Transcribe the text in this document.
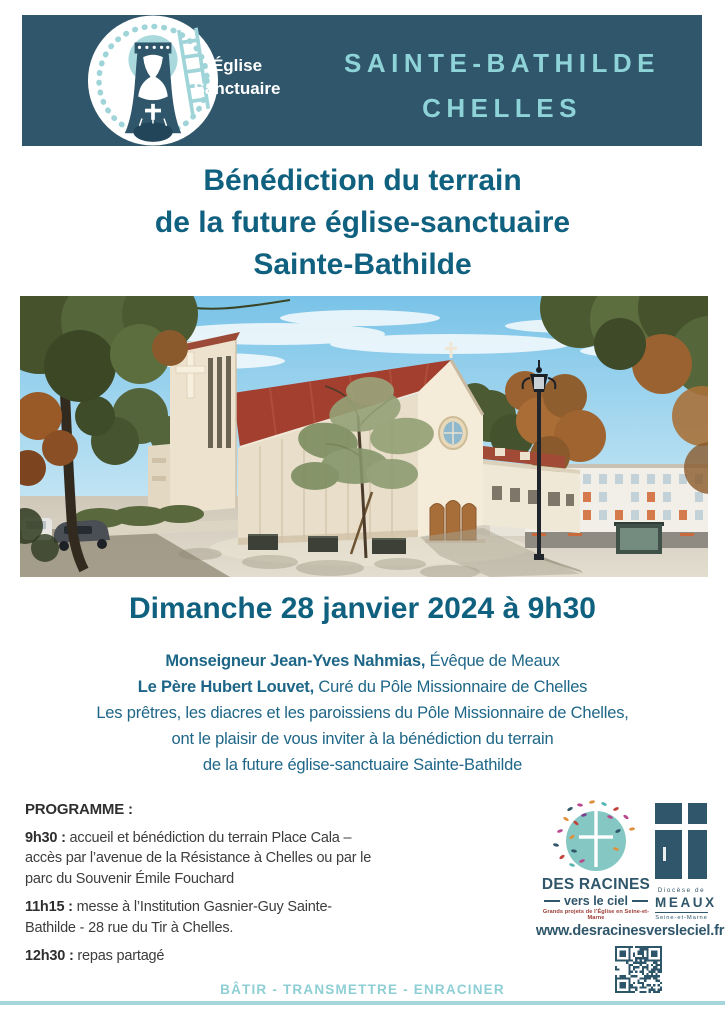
Église
Sanctuaire
SAINTE-BATHILDE
CHELLES
Bénédiction du terrain
de la future église-sanctuaire
Sainte-Bathilde
Dimanche 28 janvier 2024 à 9h30

Monseigneur Jean-Yves Nahmias, Évêque de Meaux

Le Père Hubert Louvet, Curé du Pôle Missionnaire de Chelles

Les prêtres, les diacres et les paroissiens du Pôle Missionnaire de Chelles,

ont le plaisir de vous inviter à la bénédiction du terrain

de la future église-sanctuaire Sainte-Bathilde

PROGRAMME :

9h30 : accueil et bénédiction du terrain Place Cala – accès par l’avenue de la Résistance à Chelles ou par le parc du Souvenir Émile Fouchard

11h15 : messe à l’Institution Gasnier-Guy Sainte-Bathilde - 28 rue du Tir à Chelles.

12h30 : repas partagé

DES RACINES
vers le ciel
Grands projets de l’Église en Seine-et-Marne
Diocèse de
MEAUX
Seine-et-Marne
www.desracinesversleciel.fr
BÂTIR - TRANSMETTRE - ENRACINER
